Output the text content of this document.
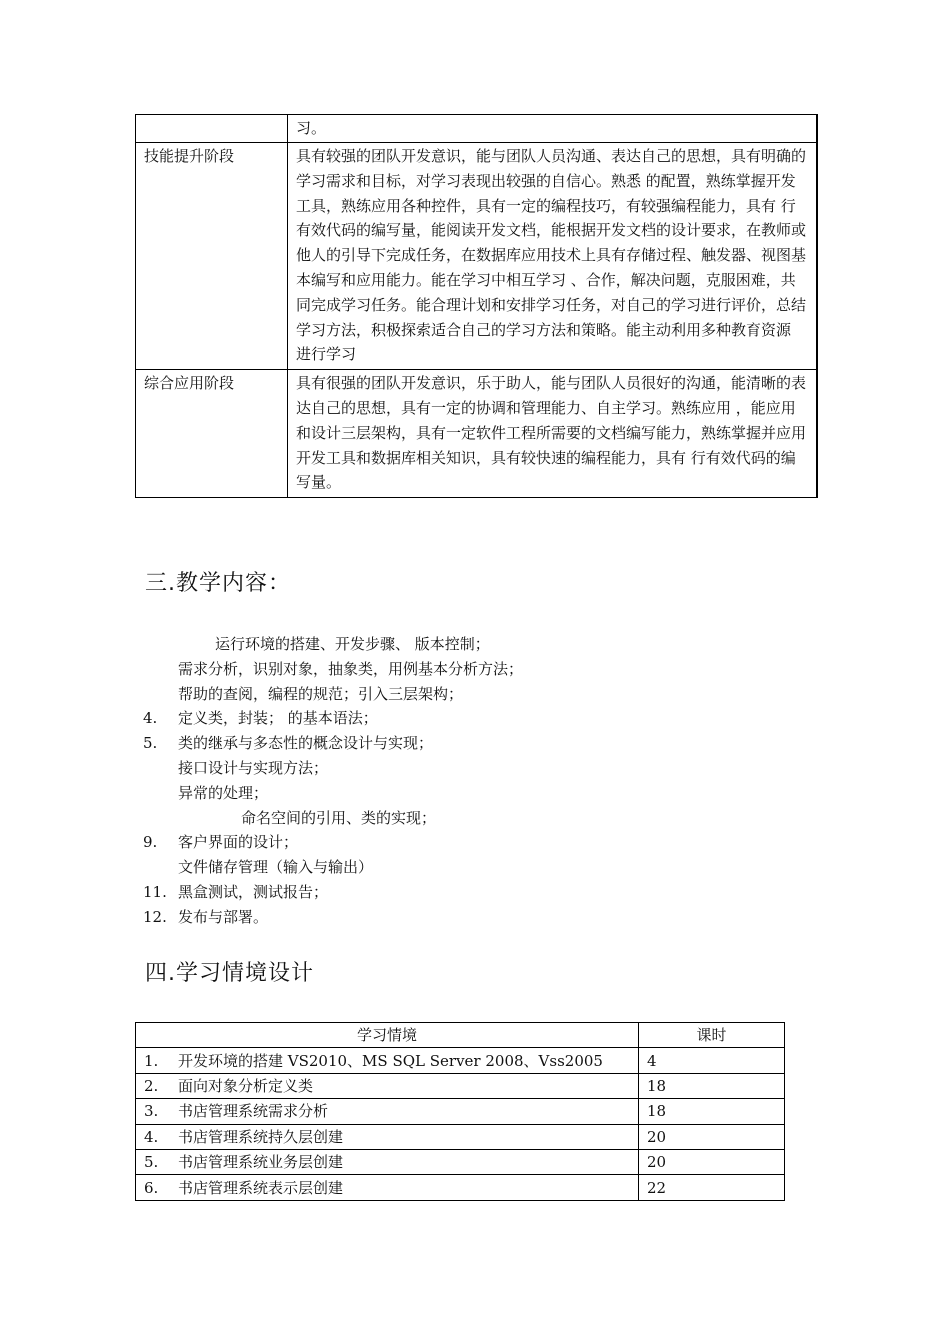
	习。
技能提升阶段	具有较强的团队开发意识，能与团队人员沟通、表达自己的思想，具有明确的学习需求和目标，对学习表现出较强的自信心。熟悉 的配置，熟练掌握开发工具，熟练应用各种控件，具有一定的编程技巧，有较强编程能力，具有 行有效代码的编写量，能阅读开发文档，能根据开发文档的设计要求，在教师或他人的引导下完成任务，在数据库应用技术上具有存储过程、触发器、视图基本编写和应用能力。能在学习中相互学习 、合作，解决问题，克服困难，共同完成学习任务。能合理计划和安排学习任务，对自己的学习进行评价，总结学习方法，积极探索适合自己的学习方法和策略。能主动利用多种教育资源 进行学习
综合应用阶段	具有很强的团队开发意识，乐于助人，能与团队人员很好的沟通，能清晰的表达自己的思想，具有一定的协调和管理能力、自主学习。熟练应用 ，能应用和设计三层架构，具有一定软件工程所需要的文档编写能力，熟练掌握并应用开发工具和数据库相关知识，具有较快速的编程能力，具有 行有效代码的编写量。
三.教学内容：
运行环境的搭建、开发步骤、 版本控制；
需求分析，识别对象，抽象类，用例基本分析方法；
帮助的查阅，编程的规范；引入三层架构；
4.	定义类，封装； 的基本语法；
5.	类的继承与多态性的概念设计与实现；
接口设计与实现方法；
异常的处理；
命名空间的引用、类的实现；
9.	客户界面的设计；
文件储存管理（输入与输出）
11. 黑盒测试，测试报告；
12. 发布与部署。
四.学习情境设计
学习情境	课时
1. 开发环境的搭建 VS2010、MS SQL Server 2008、Vss2005	4
2. 面向对象分析定义类	18
3. 书店管理系统需求分析	18
4. 书店管理系统持久层创建	20
5. 书店管理系统业务层创建	20
6. 书店管理系统表示层创建	22
